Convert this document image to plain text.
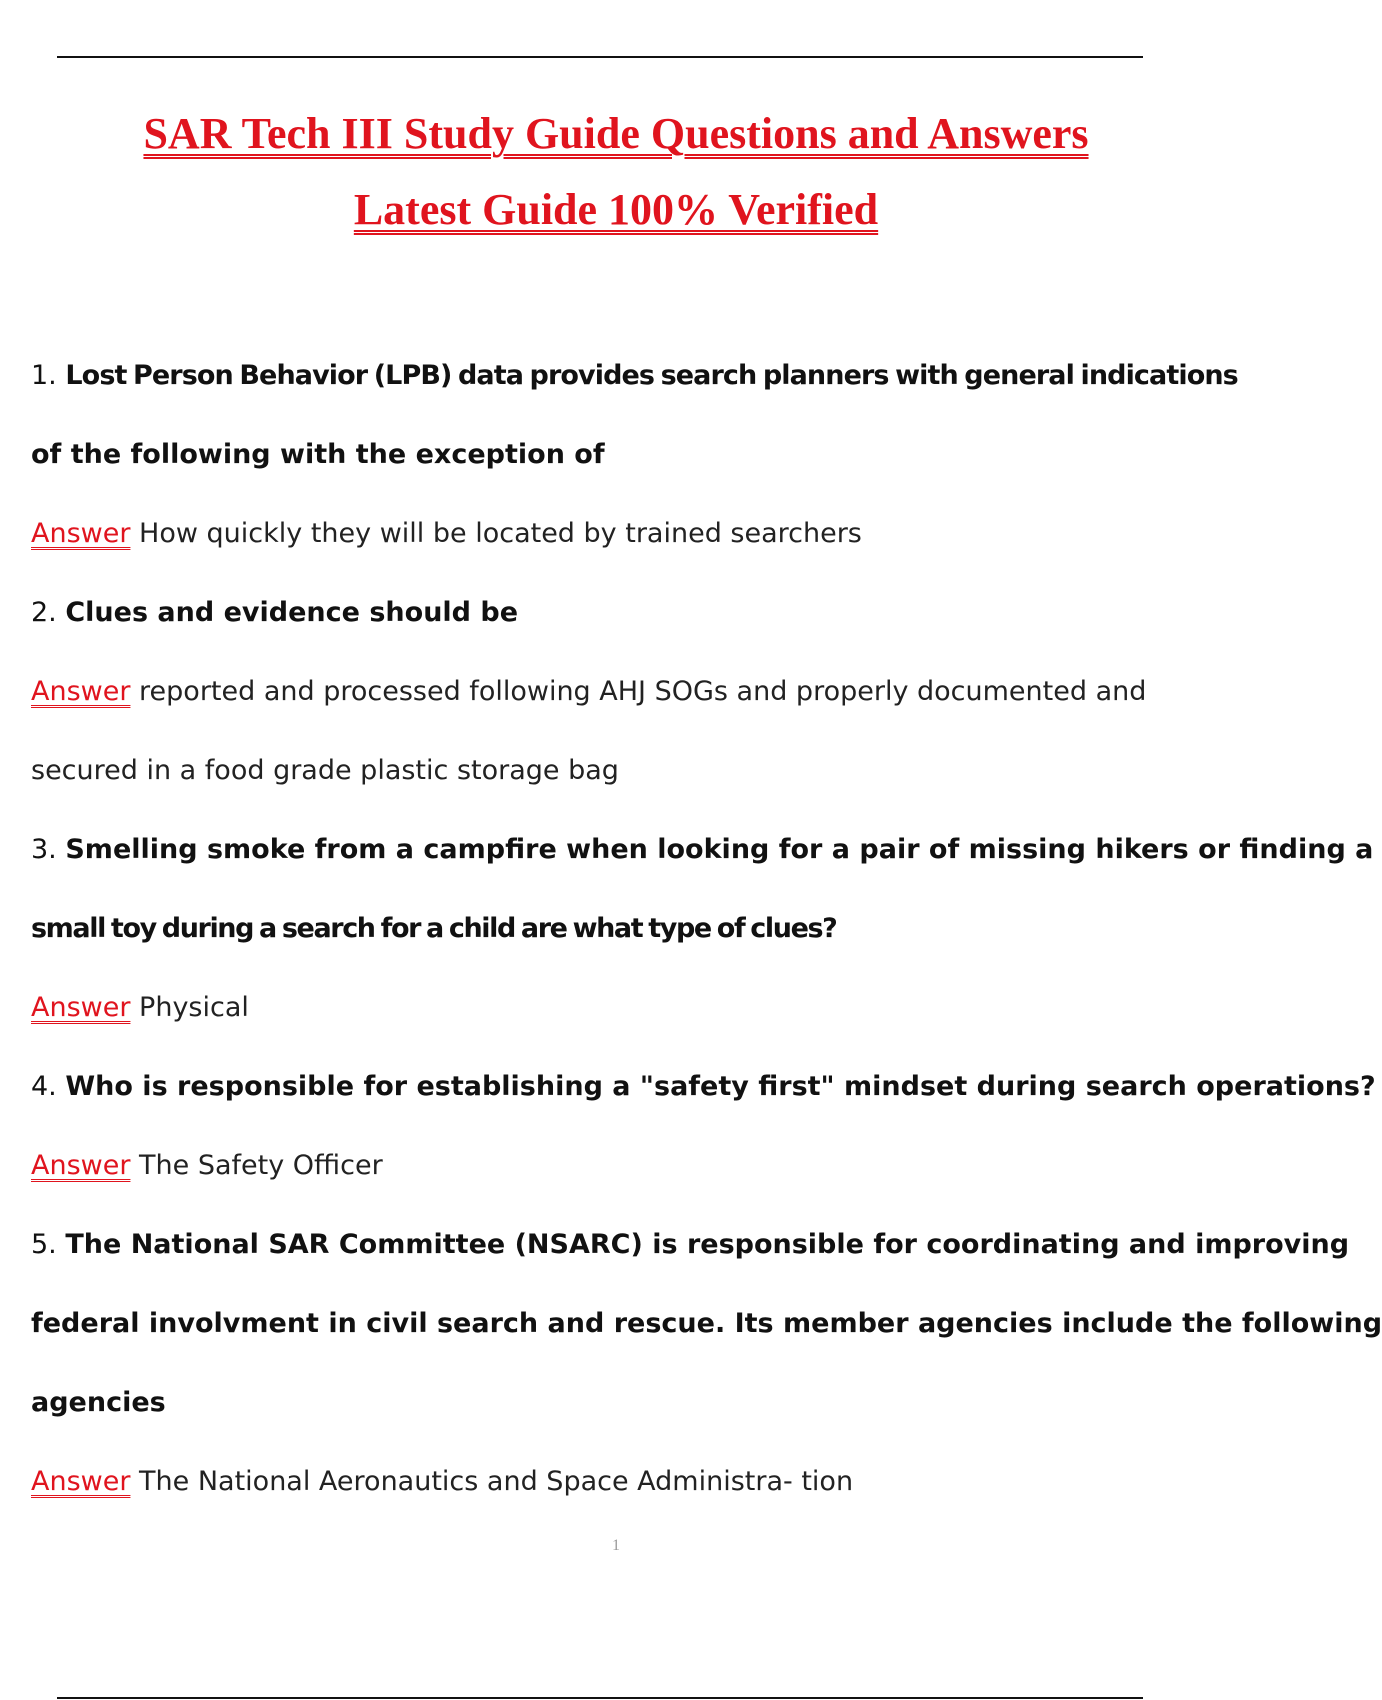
SAR Tech III Study Guide Questions and Answers
Latest Guide 100% Verified
1. Lost Person Behavior (LPB) data provides search planners with general indications
of the following with the exception of
Answer How quickly they will be located by trained searchers
2. Clues and evidence should be
Answer reported and processed following AHJ SOGs and properly documented and
secured in a food grade plastic storage bag
3. Smelling smoke from a campfire when looking for a pair of missing hikers or finding a
small toy during a search for a child are what type of clues?
Answer Physical
4. Who is responsible for establishing a "safety first" mindset during search operations?
Answer The Safety Officer
5. The National SAR Committee (NSARC) is responsible for coordinating and improving
federal involvment in civil search and rescue. Its member agencies include the following
agencies
Answer The National Aeronautics and Space Administra- tion
1
